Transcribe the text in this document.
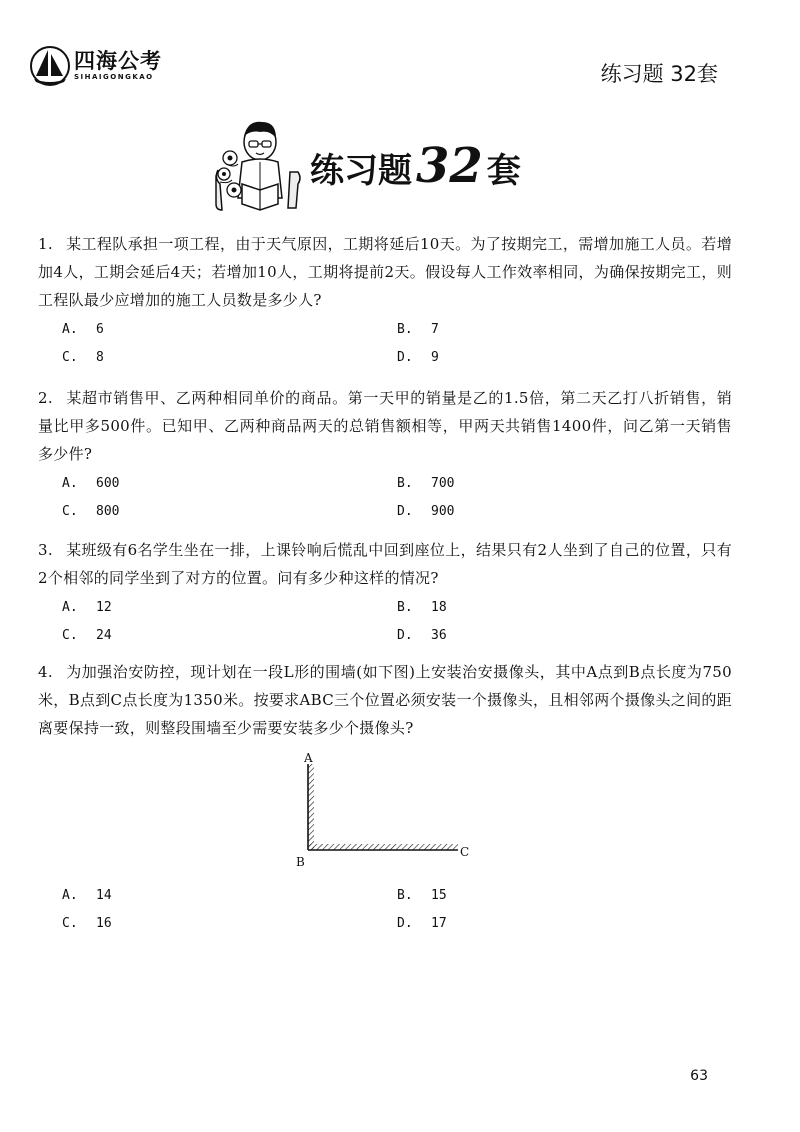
四海公考
SIHAIGONGKAO	练习题 32套
练习题 32 套

1. 某工程队承担一项工程，由于天气原因，工期将延后10天。为了按期完工，需增加施工人员。若增加4人，工期会延后4天；若增加10人，工期将提前2天。假设每人工作效率相同，为确保按期完工，则工程队最少应增加的施工人员数是多少人?

A. 6	B. 7
C. 8	D. 9

2. 某超市销售甲、乙两种相同单价的商品。第一天甲的销量是乙的1.5倍，第二天乙打八折销售，销量比甲多500件。已知甲、乙两种商品两天的总销售额相等，甲两天共销售1400件，问乙第一天销售多少件?

A. 600	B. 700
C. 800	D. 900

3. 某班级有6名学生坐在一排，上课铃响后慌乱中回到座位上，结果只有2人坐到了自己的位置，只有2个相邻的同学坐到了对方的位置。问有多少种这样的情况?

A. 12	B. 18
C. 24	D. 36

4. 为加强治安防控，现计划在一段L形的围墙(如下图)上安装治安摄像头，其中A点到B点长度为750米，B点到C点长度为1350米。按要求ABC三个位置必须安装一个摄像头，且相邻两个摄像头之间的距离要保持一致，则整段围墙至少需要安装多少个摄像头?

A
B
C
A. 14	B. 15
C. 16	D. 17
63
